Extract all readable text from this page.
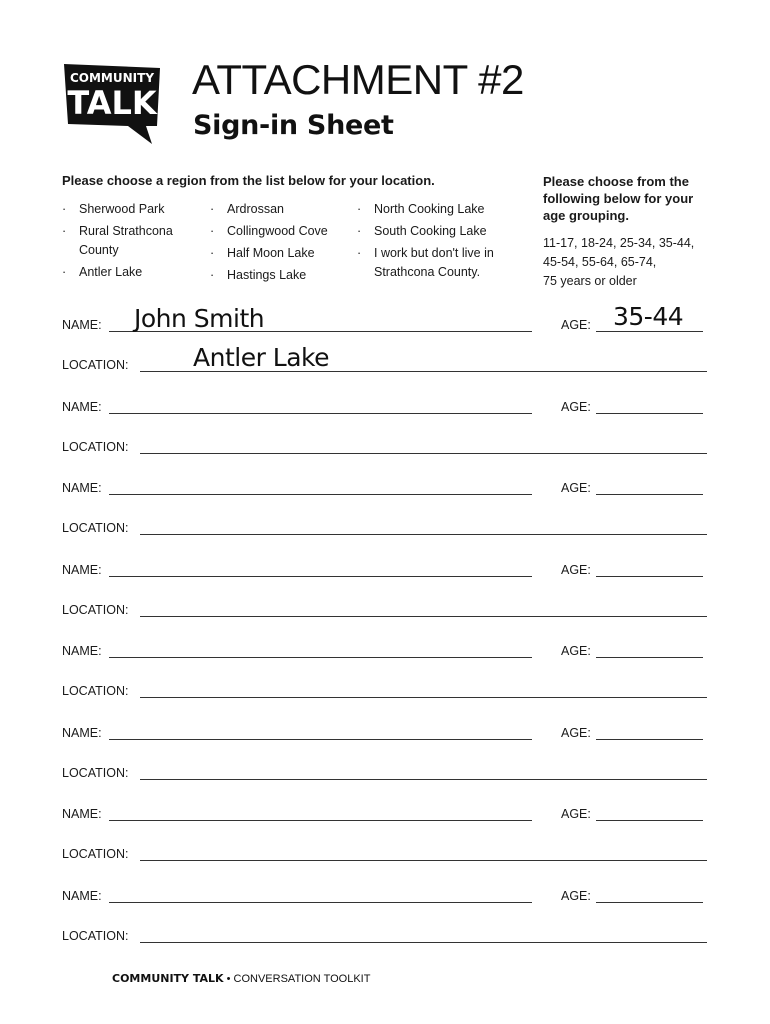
COMMUNITY
TALK ATTACHMENT #2
Sign-in Sheet
Please choose a region from the list below for your location.
· Sherwood Park
· Rural Strathcona County
· Antler Lake
· Ardrossan
· Collingwood Cove
· Half Moon Lake
· Hastings Lake
· North Cooking Lake
· South Cooking Lake
· I work but don't live in Strathcona County.
Please choose from the following below for your age grouping.
11-17, 18-24, 25-34, 35-44,
45-54, 55-64, 65-74,
75 years or older
NAME: John Smith	AGE: 35-44
LOCATION:	Antler Lake
NAME:	AGE:
LOCATION:
NAME:	AGE:
LOCATION:
NAME:	AGE:
LOCATION:
NAME:	AGE:
LOCATION:
NAME:	AGE:
LOCATION:
NAME:	AGE:
LOCATION:
NAME:	AGE:
LOCATION:
COMMUNITY TALK • CONVERSATION TOOLKIT
